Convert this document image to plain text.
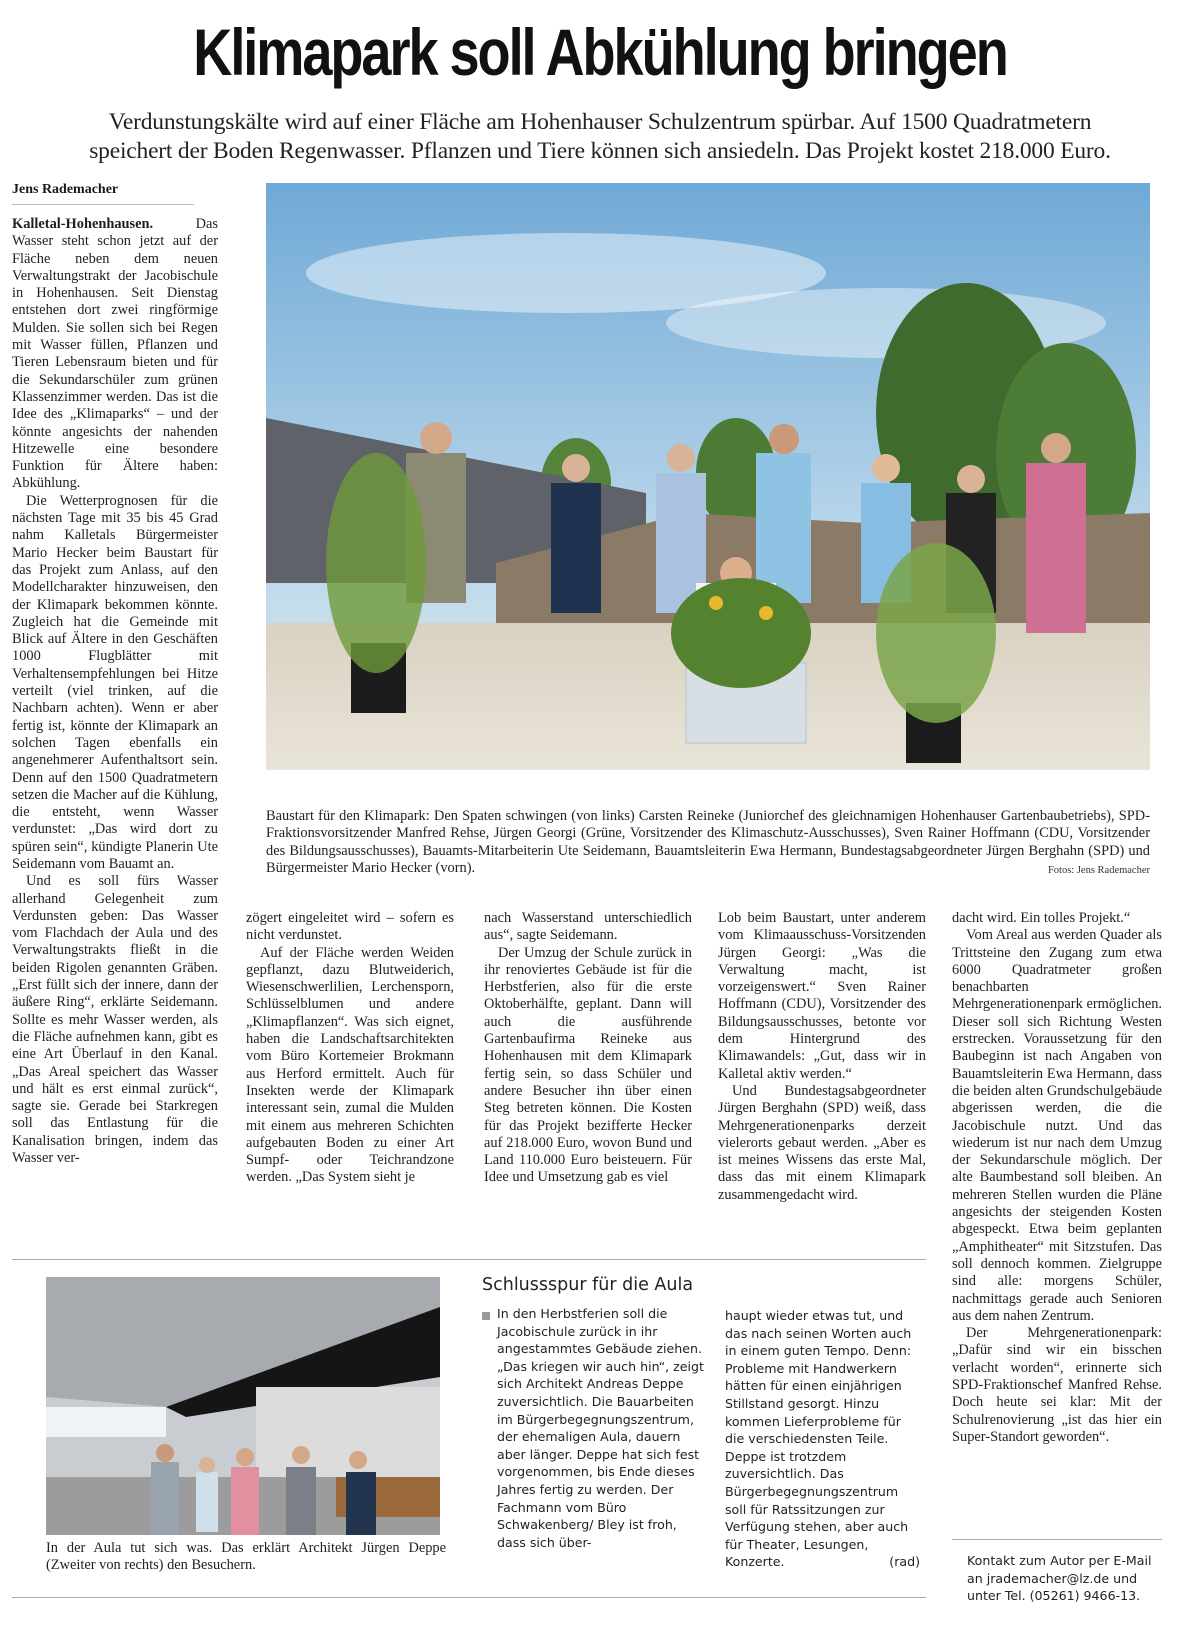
Klimapark soll Abkühlung bringen
Verdunstungskälte wird auf einer Fläche am Hohenhauser Schulzentrum spürbar. Auf 1500 Quadratmetern
speichert der Boden Regenwasser. Pflanzen und Tiere können sich ansiedeln. Das Projekt kostet 218.000 Euro.
Jens Rademacher

Kalletal-Hohenhausen.	Das Wasser steht schon jetzt auf der Fläche neben dem neuen Verwaltungstrakt der Jacobischule in Hohenhausen. Seit Dienstag entstehen dort zwei ringförmige Mulden. Sie sollen sich bei Regen mit Wasser füllen, Pflanzen und Tieren Lebensraum bieten und für die Sekundarschüler zum grünen Klassenzimmer werden. Das ist die Idee des „Klimaparks“ – und der könnte angesichts der nahenden Hitzewelle eine besondere Funktion für Ältere haben: Abkühlung.

Die Wetterprognosen für die nächsten Tage mit 35 bis 45 Grad nahm Kalletals Bürgermeister Mario Hecker beim Baustart für das Projekt zum Anlass, auf den Modellcharakter hinzuweisen, den der Klimapark bekommen könnte. Zugleich hat die Gemeinde mit Blick auf Ältere in den Geschäften 1000 Flugblätter mit Verhaltensempfehlungen bei Hitze verteilt (viel trinken, auf die Nachbarn achten). Wenn er aber fertig ist, könnte der Klimapark an solchen Tagen ebenfalls ein angenehmerer Aufenthaltsort sein. Denn auf den 1500 Quadratmetern setzen die Macher auf die Kühlung, die entsteht, wenn Wasser verdunstet: „Das wird dort zu spüren sein“, kündigte Planerin Ute Seidemann vom Bauamt an.

Und es soll fürs Wasser allerhand Gelegenheit zum Verdunsten geben: Das Wasser vom Flachdach der Aula und des Verwaltungstrakts fließt in die beiden Rigolen genannten Gräben. „Erst füllt sich der innere, dann der äußere Ring“, erklärte Seidemann. Sollte es mehr Wasser werden, als die Fläche aufnehmen kann, gibt es eine Art Überlauf in den Kanal. „Das Areal speichert das Wasser und hält es erst einmal zurück“, sagte sie. Gerade bei Starkregen soll das Entlastung für die Kanalisation bringen, indem das Wasser ver-

Baustart für den Klimapark: Den Spaten schwingen (von links) Carsten Reineke (Juniorchef des gleichnamigen Hohenhauser Gartenbaubetriebs), SPD-Fraktionsvorsitzender Manfred Rehse, Jürgen Georgi (Grüne, Vorsitzender des Klimaschutz-Ausschusses), Sven Rainer Hoffmann (CDU, Vorsitzender des Bildungsausschusses), Bauamts-Mitarbeiterin Ute Seidemann, Bauamtsleiterin Ewa Hermann, Bundestagsabgeordneter Jürgen Berghahn (SPD) und Bürgermeister Mario Hecker (vorn).	Fotos: Jens Rademacher

zögert eingeleitet wird – sofern es nicht verdunstet.

Auf der Fläche werden Weiden gepflanzt, dazu Blutweiderich, Wiesenschwerlilien, Lerchensporn, Schlüsselblumen und andere „Klimapflanzen“. Was sich eignet, haben die Landschaftsarchitekten vom Büro Kortemeier Brokmann aus Herford ermittelt. Auch für Insekten werde der Klimapark interessant sein, zumal die Mulden mit einem aus mehreren Schichten aufgebauten Boden zu einer Art Sumpf- oder Teichrandzone werden. „Das System sieht je

nach Wasserstand unterschiedlich aus“, sagte Seidemann.

Der Umzug der Schule zurück in ihr renoviertes Gebäude ist für die Herbstferien, also für die erste Oktoberhälfte, geplant. Dann will auch die ausführende Gartenbaufirma Reineke aus Hohenhausen mit dem Klimapark fertig sein, so dass Schüler und andere Besucher ihn über einen Steg betreten können. Die Kosten für das Projekt bezifferte Hecker auf 218.000 Euro, wovon Bund und Land 110.000 Euro beisteuern. Für Idee und Umsetzung gab es viel

Lob beim Baustart, unter anderem vom Klimaausschuss-Vorsitzenden Jürgen Georgi: „Was die Verwaltung macht, ist vorzeigenswert.“ Sven Rainer Hoffmann (CDU), Vorsitzender des Bildungsausschusses, betonte vor dem Hintergrund des Klimawandels: „Gut, dass wir in Kalletal aktiv werden.“

Und Bundestagsabgeordneter Jürgen Berghahn (SPD) weiß, dass Mehrgenerationenparks derzeit vielerorts gebaut werden. „Aber es ist meines Wissens das erste Mal, dass das mit einem Klimapark zusammengedacht wird.

dacht wird. Ein tolles Projekt.“

Vom Areal aus werden Quader als Trittsteine den Zugang zum etwa 6000 Quadratmeter großen benachbarten Mehrgenerationenpark ermöglichen. Dieser soll sich Richtung Westen erstrecken. Voraussetzung für den Baubeginn ist nach Angaben von Bauamtsleiterin Ewa Hermann, dass die beiden alten Grundschulgebäude abgerissen werden, die die Jacobischule nutzt. Und das wiederum ist nur nach dem Umzug der Sekundarschule möglich. Der alte Baumbestand soll bleiben. An mehreren Stellen wurden die Pläne angesichts der steigenden Kosten abgespeckt. Etwa beim geplanten „Amphitheater“ mit Sitzstufen. Das soll dennoch kommen. Zielgruppe sind alle: morgens Schüler, nachmittags gerade auch Senioren aus dem nahen Zentrum.

Der Mehrgenerationenpark: „Dafür sind wir ein bisschen verlacht worden“, erinnerte sich SPD-Fraktionschef Manfred Rehse. Doch heute sei klar: Mit der Schulrenovierung „ist das hier ein Super-Standort geworden“.

In der Aula tut sich was. Das erklärt Architekt Jürgen Deppe (Zweiter von rechts) den Besuchern.
Schlussspur für die Aula
In den Herbstferien soll die Jacobischule zurück in ihr angestammtes Gebäude ziehen. „Das kriegen wir auch hin“, zeigt sich Architekt Andreas Deppe zuversichtlich. Die Bauarbeiten im Bürgerbegegnungszentrum, der ehemaligen Aula, dauern aber länger. Deppe hat sich fest vorgenommen, bis Ende dieses Jahres fertig zu werden. Der Fachmann vom Büro Schwakenberg/ Bley ist froh, dass sich über-
haupt wieder etwas tut, und das nach seinen Worten auch in einem guten Tempo. Denn: Probleme mit Handwerkern hätten für einen einjährigen Stillstand gesorgt. Hinzu kommen Lieferprobleme für die verschiedensten Teile. Deppe ist trotzdem zuversichtlich. Das Bürgerbegegnungszentrum soll für Ratssitzungen zur Verfügung stehen, aber auch für Theater, Lesungen, Konzerte.	(rad)	Kontakt zum Autor per E-Mail
an jrademacher@lz.de und
unter Tel. (05261) 9466-13.
